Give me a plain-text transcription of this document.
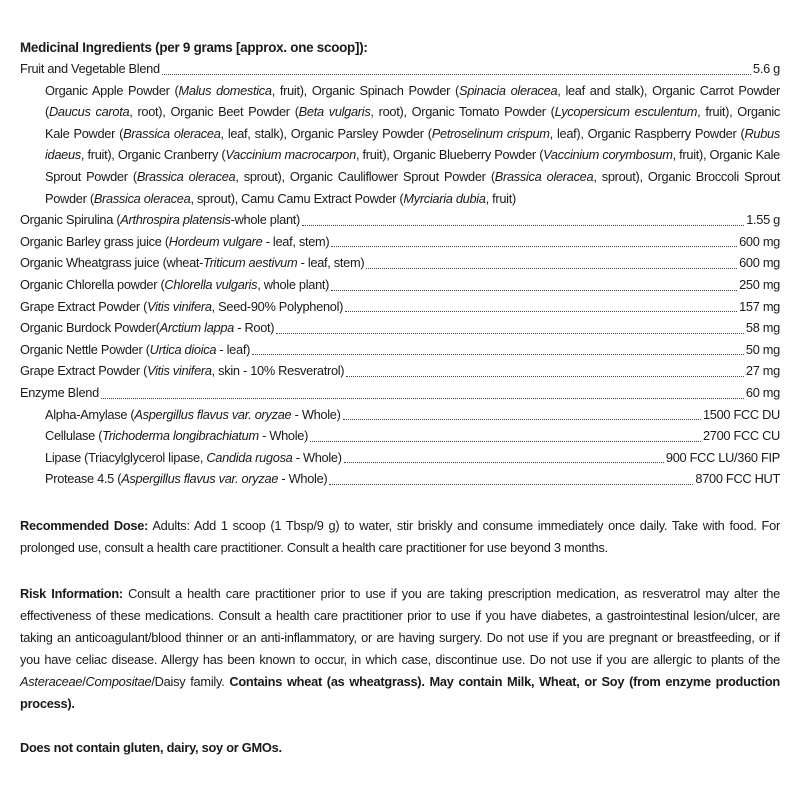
Medicinal Ingredients (per 9 grams [approx. one scoop]):
Fruit and Vegetable Blend	5.6 g
Organic Apple Powder (Malus domestica, fruit), Organic Spinach Powder (Spinacia oleracea, leaf and stalk), Organic Carrot Powder (Daucus carota, root), Organic Beet Powder (Beta vulgaris, root), Organic Tomato Powder (Lycopersicum esculentum, fruit), Organic Kale Powder (Brassica oleracea, leaf, stalk), Organic Parsley Powder (Petroselinum crispum, leaf), Organic Raspberry Powder (Rubus idaeus, fruit), Organic Cranberry (Vaccinium macrocarpon, fruit), Organic Blueberry Powder (Vaccinium corymbosum, fruit), Organic Kale Sprout Powder (Brassica oleracea, sprout), Organic Cauliflower Sprout Powder (Brassica oleracea, sprout), Organic Broccoli Sprout Powder (Brassica oleracea, sprout), Camu Camu Extract Powder (Myrciaria dubia, fruit)
Organic Spirulina (Arthrospira platensis-whole plant)	1.55 g
Organic Barley grass juice (Hordeum vulgare - leaf, stem)	600 mg
Organic Wheatgrass juice (wheat-Triticum aestivum - leaf, stem)	600 mg
Organic Chlorella powder (Chlorella vulgaris, whole plant)	250 mg
Grape Extract Powder (Vitis vinifera, Seed-90% Polyphenol)	157 mg
Organic Burdock Powder(Arctium lappa - Root)	58 mg
Organic Nettle Powder (Urtica dioica - leaf)	50 mg
Grape Extract Powder (Vitis vinifera, skin - 10% Resveratrol)	27 mg
Enzyme Blend	60 mg
Alpha-Amylase (Aspergillus flavus var. oryzae - Whole)	1500 FCC DU
Cellulase (Trichoderma longibrachiatum - Whole)	2700 FCC CU
Lipase (Triacylglycerol lipase, Candida rugosa - Whole)	900 FCC LU/360 FIP
Protease 4.5 (Aspergillus flavus var. oryzae - Whole)	8700 FCC HUT
Recommended Dose: Adults: Add 1 scoop (1 Tbsp/9 g) to water, stir briskly and consume immediately once daily. Take with food. For prolonged use, consult a health care practitioner. Consult a health care practitioner for use beyond 3 months.
Risk Information: Consult a health care practitioner prior to use if you are taking prescription medication, as resveratrol may alter the effectiveness of these medications. Consult a health care practitioner prior to use if you have diabetes, a gastrointestinal lesion/ulcer, are taking an anticoagulant/blood thinner or an anti-inflammatory, or are having surgery. Do not use if you are pregnant or breastfeeding, or if you have celiac disease. Allergy has been known to occur, in which case, discontinue use. Do not use if you are allergic to plants of the Asteraceae/Compositae/Daisy family. Contains wheat (as wheatgrass). May contain Milk, Wheat, or Soy (from enzyme production process).
Does not contain gluten, dairy, soy or GMOs.
